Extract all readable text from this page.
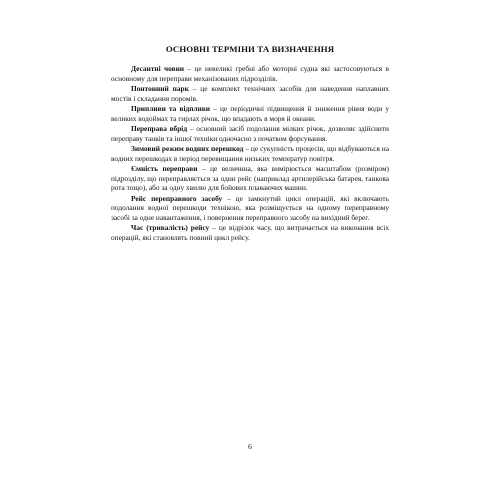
ОСНОВНІ ТЕРМІНИ ТА ВИЗНАЧЕННЯ

Десантні човни – це невеликі гребні або моторні судна які застосовуються в основному для переправи механізованих підрозділів.

Понтонний парк – це комплект технічних засобів для наведення наплавних мостів і складання поромів.

Припливи та відпливи – це періодичні підвищення й зниження рівня води у великих водоймах та гирлах річок, що впадають в моря й океани.

Переправа вбрід – основний засіб подолання мілких річок, дозволяє здійснити переправу танків та іншої техніки одночасно з початком форсування.

Зимовий режим водних перешкод – це сукупність процесів, що відбуваються на водних перешкодах в період перевищання низьких температур повітря.

Ємність переправи – це величина, яка вимірюється масштабом (розміром) підрозділу, що переправляється за один рейс (наприклад артилерійська батарея, танкова рота тощо), або за одну хвилю для бойових плаваючих машин.

Рейс переправного засобу – це замкнутий цикл операцій, які включають подолання водної перешкоди технікою, яка розміщується на одному переправному засобі за одне навантаження, і повернення переправного засобу на вихідний берег.

Час (тривалість) рейсу – це відрізок часу, що витрачається на виконання всіх операцій, які становлять повний цикл рейсу.

6
